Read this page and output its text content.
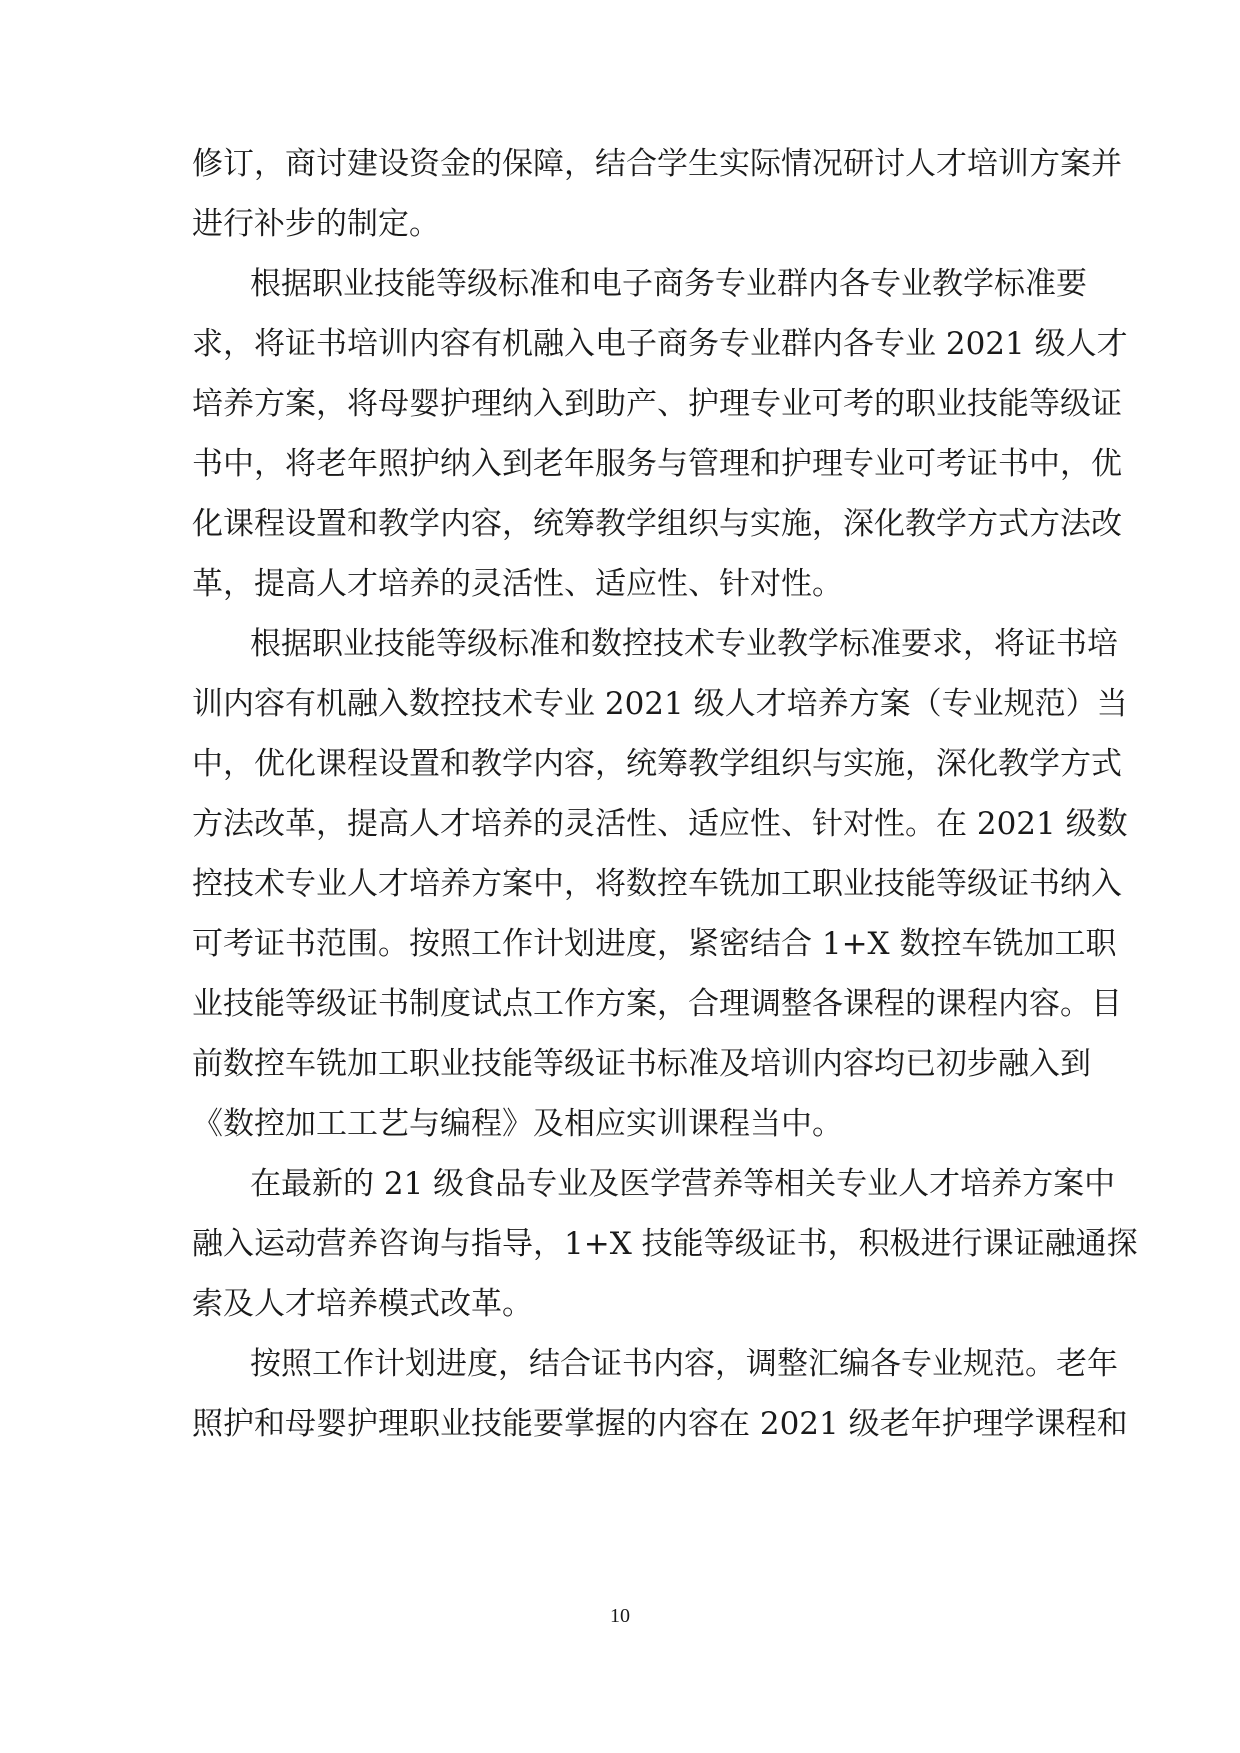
修订，商讨建设资金的保障，结合学生实际情况研讨人才培训方案并
进行补步的制定。
根据职业技能等级标准和电子商务专业群内各专业教学标准要
求，将证书培训内容有机融入电子商务专业群内各专业 2021 级人才
培养方案，将母婴护理纳入到助产、护理专业可考的职业技能等级证
书中，将老年照护纳入到老年服务与管理和护理专业可考证书中，优
化课程设置和教学内容，统筹教学组织与实施，深化教学方式方法改
革，提高人才培养的灵活性、适应性、针对性。
根据职业技能等级标准和数控技术专业教学标准要求，将证书培
训内容有机融入数控技术专业 2021 级人才培养方案（专业规范）当
中，优化课程设置和教学内容，统筹教学组织与实施，深化教学方式
方法改革，提高人才培养的灵活性、适应性、针对性。在 2021 级数
控技术专业人才培养方案中，将数控车铣加工职业技能等级证书纳入
可考证书范围。按照工作计划进度，紧密结合 1+X 数控车铣加工职
业技能等级证书制度试点工作方案，合理调整各课程的课程内容。目
前数控车铣加工职业技能等级证书标准及培训内容均已初步融入到
《数控加工工艺与编程》及相应实训课程当中。
在最新的 21 级食品专业及医学营养等相关专业人才培养方案中
融入运动营养咨询与指导，1+X 技能等级证书，积极进行课证融通探
索及人才培养模式改革。
按照工作计划进度，结合证书内容，调整汇编各专业规范。老年
照护和母婴护理职业技能要掌握的内容在 2021 级老年护理学课程和
10
